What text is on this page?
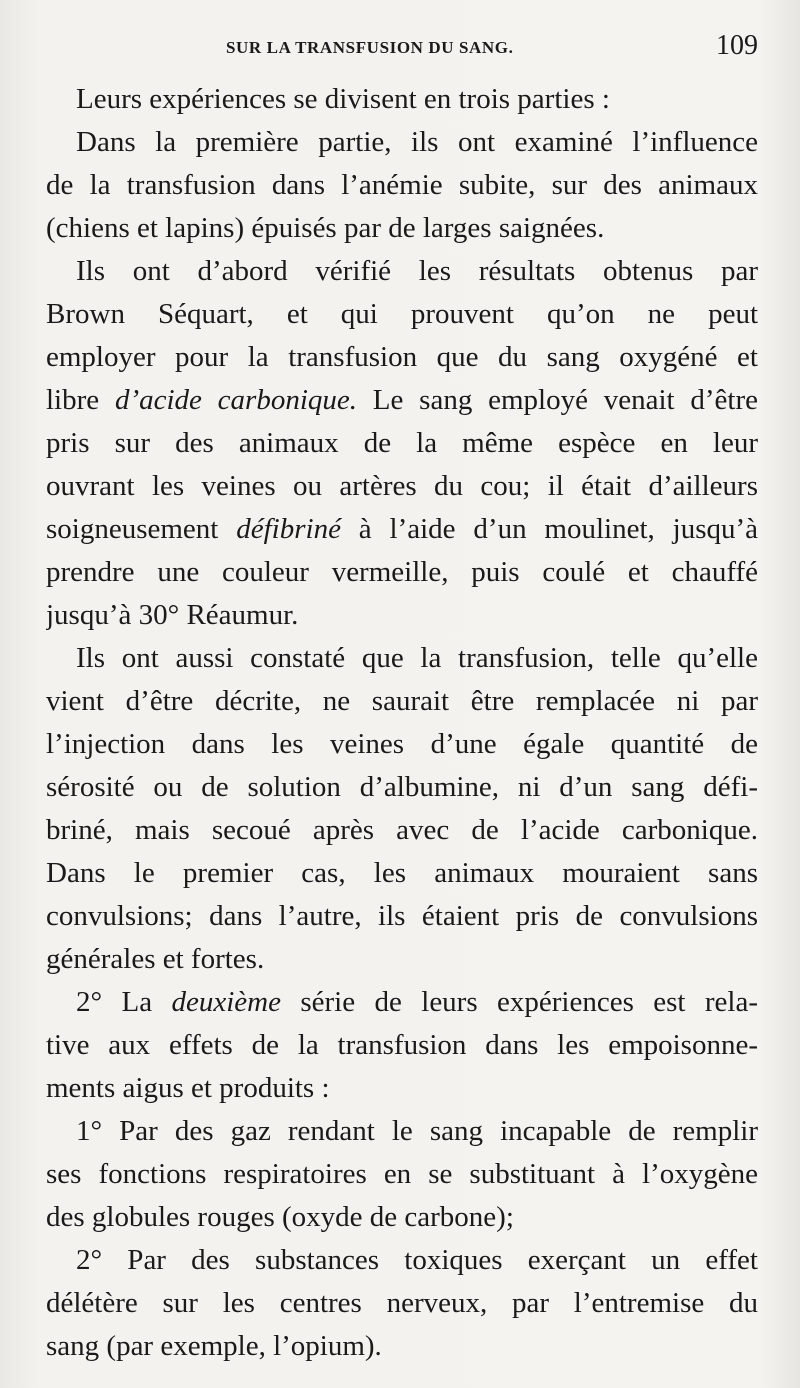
SUR LA TRANSFUSION DU SANG.	109
Leurs expériences se divisent en trois parties :
Dans la première partie, ils ont examiné l’influence
de la transfusion dans l’anémie subite, sur des animaux
(chiens et lapins) épuisés par de larges saignées.
Ils ont d’abord vérifié les résultats obtenus par
Brown Séquart, et qui prouvent qu’on ne peut
employer pour la transfusion que du sang oxygéné et
libre d’acide carbonique. Le sang employé venait d’être
pris sur des animaux de la même espèce en leur
ouvrant les veines ou artères du cou; il était d’ailleurs
soigneusement défibriné à l’aide d’un moulinet, jusqu’à
prendre une couleur vermeille, puis coulé et chauffé
jusqu’à 30° Réaumur.
Ils ont aussi constaté que la transfusion, telle qu’elle
vient d’être décrite, ne saurait être remplacée ni par
l’injection dans les veines d’une égale quantité de
sérosité ou de solution d’albumine, ni d’un sang défi-
briné, mais secoué après avec de l’acide carbonique.
Dans le premier cas, les animaux mouraient sans
convulsions; dans l’autre, ils étaient pris de convulsions
générales et fortes.
2° La deuxième série de leurs expériences est rela-
tive aux effets de la transfusion dans les empoisonne-
ments aigus et produits :
1° Par des gaz rendant le sang incapable de remplir
ses fonctions respiratoires en se substituant à l’oxygène
des globules rouges (oxyde de carbone);
2° Par des substances toxiques exerçant un effet
délétère sur les centres nerveux, par l’entremise du
sang (par exemple, l’opium).
